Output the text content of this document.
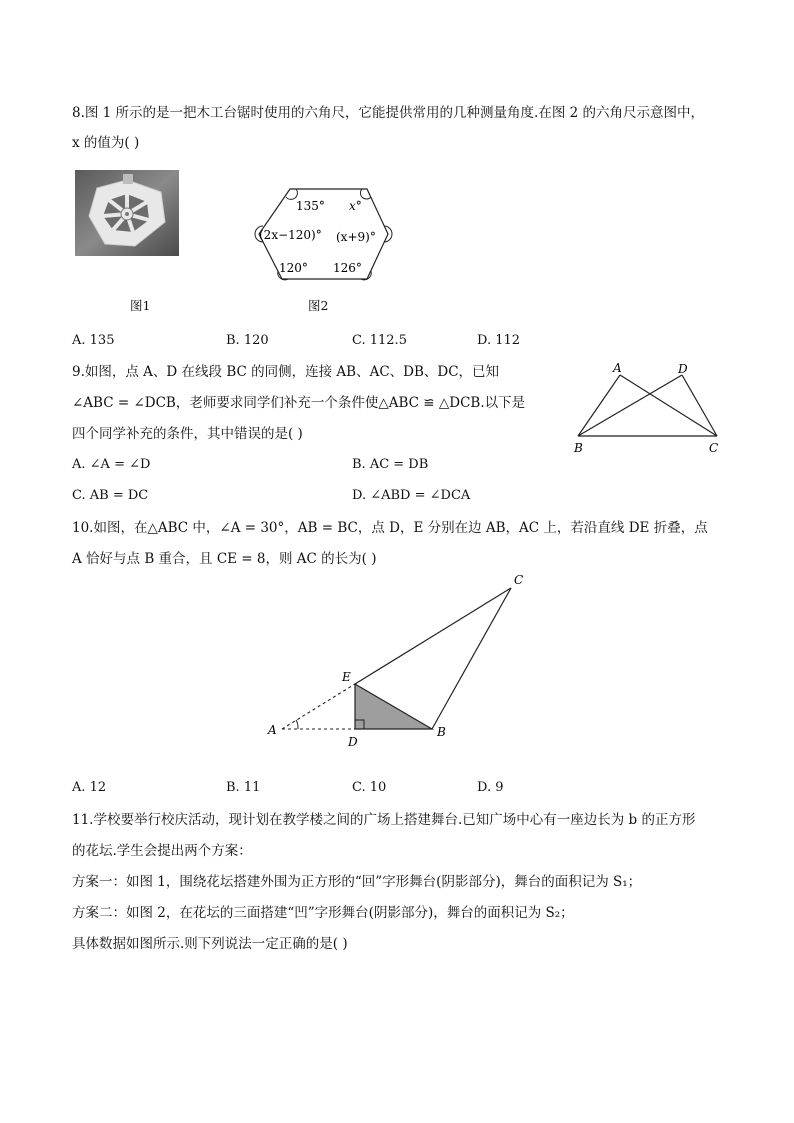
8.图 1 所示的是一把木工台锯时使用的六角尺，它能提供常用的几种测量角度.在图 2 的六角尺示意图中，
x 的值为( )
图1
135° x°
(2x−120)° (x+9)°
120° 126°
图2
A. 135	B. 120	C. 112.5	D. 112
9.如图，点 A、D 在线段 BC 的同侧，连接 AB、AC、DB、DC，已知
∠ABC = ∠DCB，老师要求同学们补充一个条件使△ABC ≌ △DCB.以下是
四个同学补充的条件，其中错误的是( )
A	D
B	C
A. ∠A = ∠D	B. AC = DB
C. AB = DC	D. ∠ABD = ∠DCA
10.如图，在△ABC 中，∠A = 30°，AB = BC，点 D，E 分别在边 AB，AC 上，若沿直线 DE 折叠，点
A 恰好与点 B 重合，且 CE = 8，则 AC 的长为( )
C
E
A
D
B
A. 12	B. 11	C. 10	D. 9
11.学校要举行校庆活动，现计划在教学楼之间的广场上搭建舞台.已知广场中心有一座边长为 b 的正方形
的花坛.学生会提出两个方案：
方案一：如图 1，围绕花坛搭建外围为正方形的“回”字形舞台(阴影部分)，舞台的面积记为 S₁；
方案二：如图 2，在花坛的三面搭建“凹”字形舞台(阴影部分)，舞台的面积记为 S₂；
具体数据如图所示.则下列说法一定正确的是( )
